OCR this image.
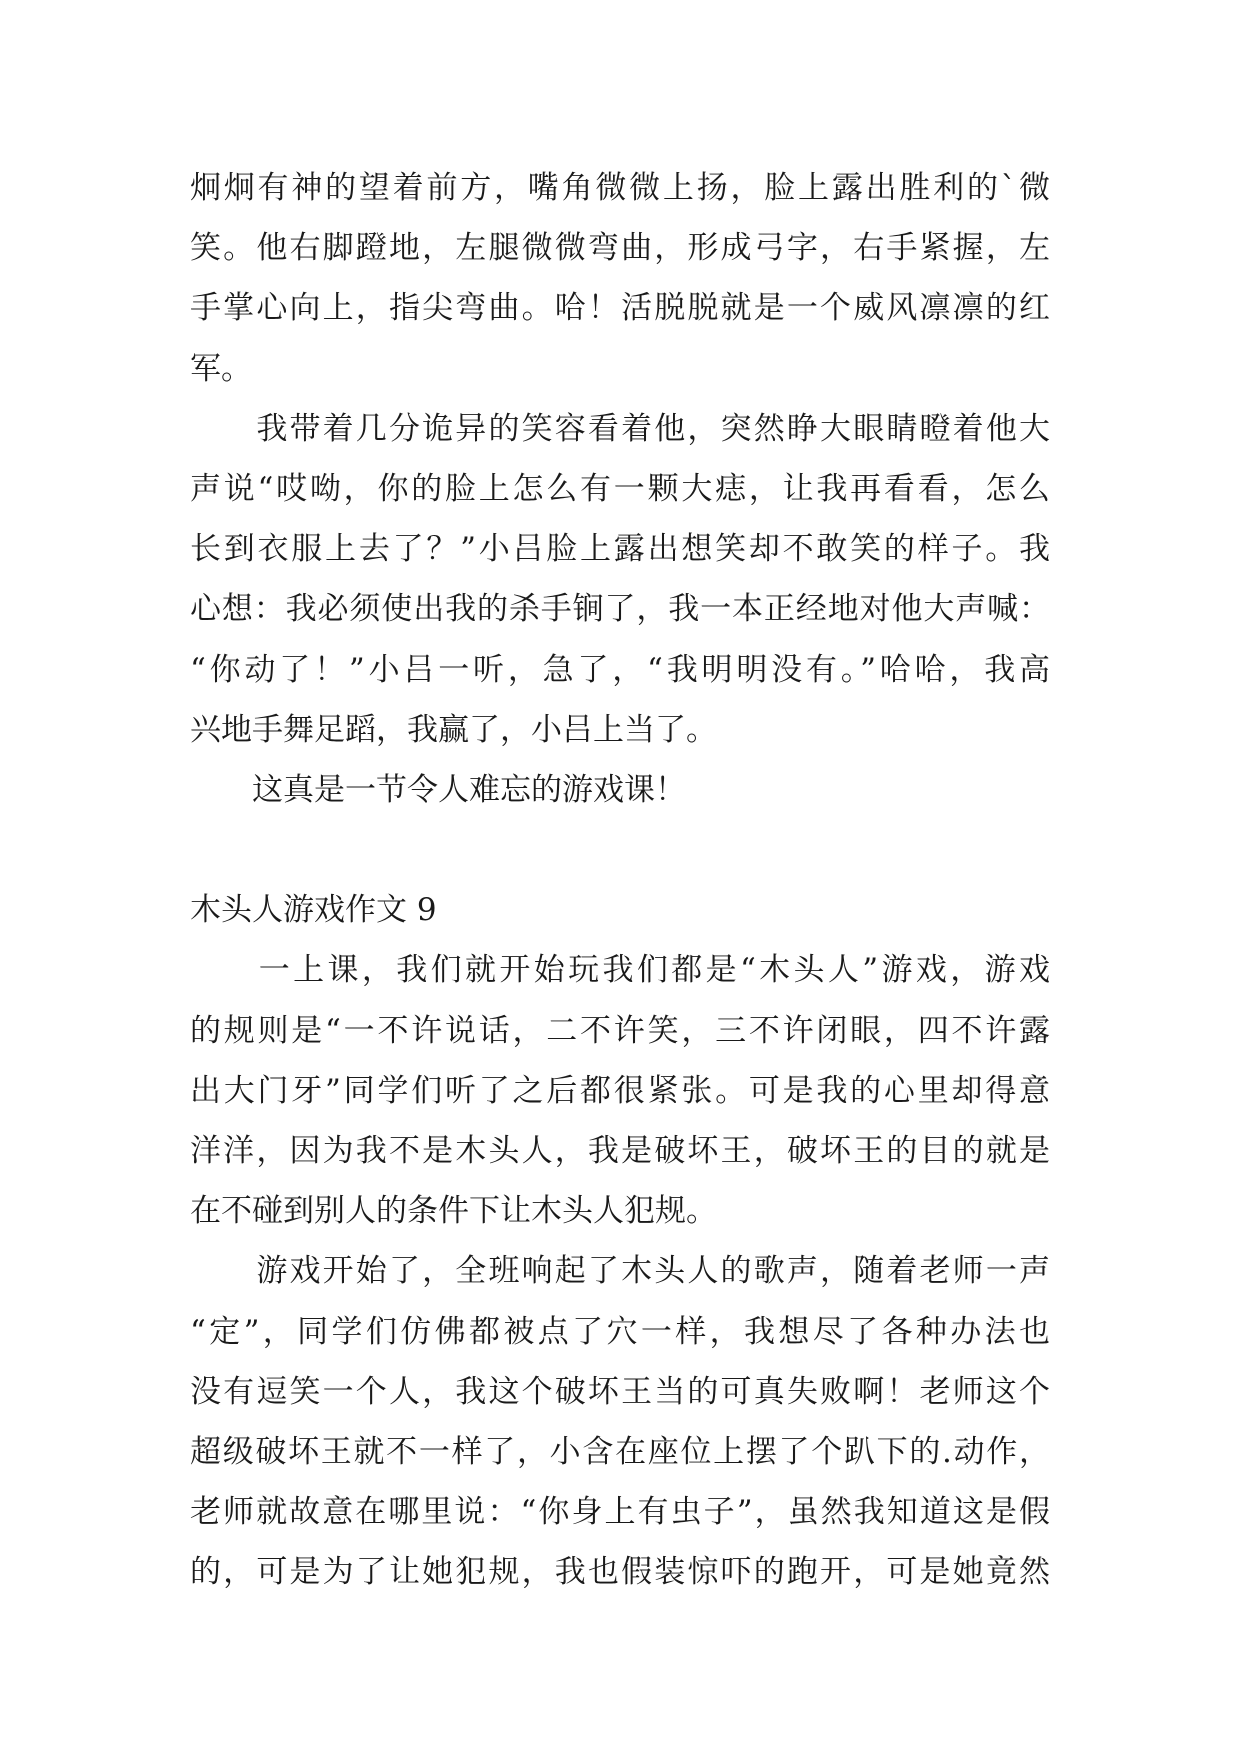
炯炯有神的望着前方，嘴角微微上扬，脸上露出胜利的`微
笑。他右脚蹬地，左腿微微弯曲，形成弓字，右手紧握，左
手掌心向上，指尖弯曲。哈！活脱脱就是一个威风凛凛的红
军。
　　我带着几分诡异的笑容看着他，突然睁大眼睛瞪着他大
声说“哎呦，你的脸上怎么有一颗大痣，让我再看看，怎么
长到衣服上去了？”小吕脸上露出想笑却不敢笑的样子。我
心想：我必须使出我的杀手锏了，我一本正经地对他大声喊：
“你动了！”小吕一听，急了，“我明明没有。”哈哈，我高
兴地手舞足蹈，我赢了，小吕上当了。
　　这真是一节令人难忘的游戏课！
木头人游戏作文 9
　　一上课，我们就开始玩我们都是“木头人”游戏，游戏
的规则是“一不许说话，二不许笑，三不许闭眼，四不许露
出大门牙”同学们听了之后都很紧张。可是我的心里却得意
洋洋，因为我不是木头人，我是破坏王，破坏王的目的就是
在不碰到别人的条件下让木头人犯规。
　　游戏开始了，全班响起了木头人的歌声，随着老师一声
“定”，同学们仿佛都被点了穴一样，我想尽了各种办法也
没有逗笑一个人，我这个破坏王当的可真失败啊！老师这个
超级破坏王就不一样了，小含在座位上摆了个趴下的.动作，
老师就故意在哪里说：“你身上有虫子”，虽然我知道这是假
的，可是为了让她犯规，我也假装惊吓的跑开，可是她竟然
